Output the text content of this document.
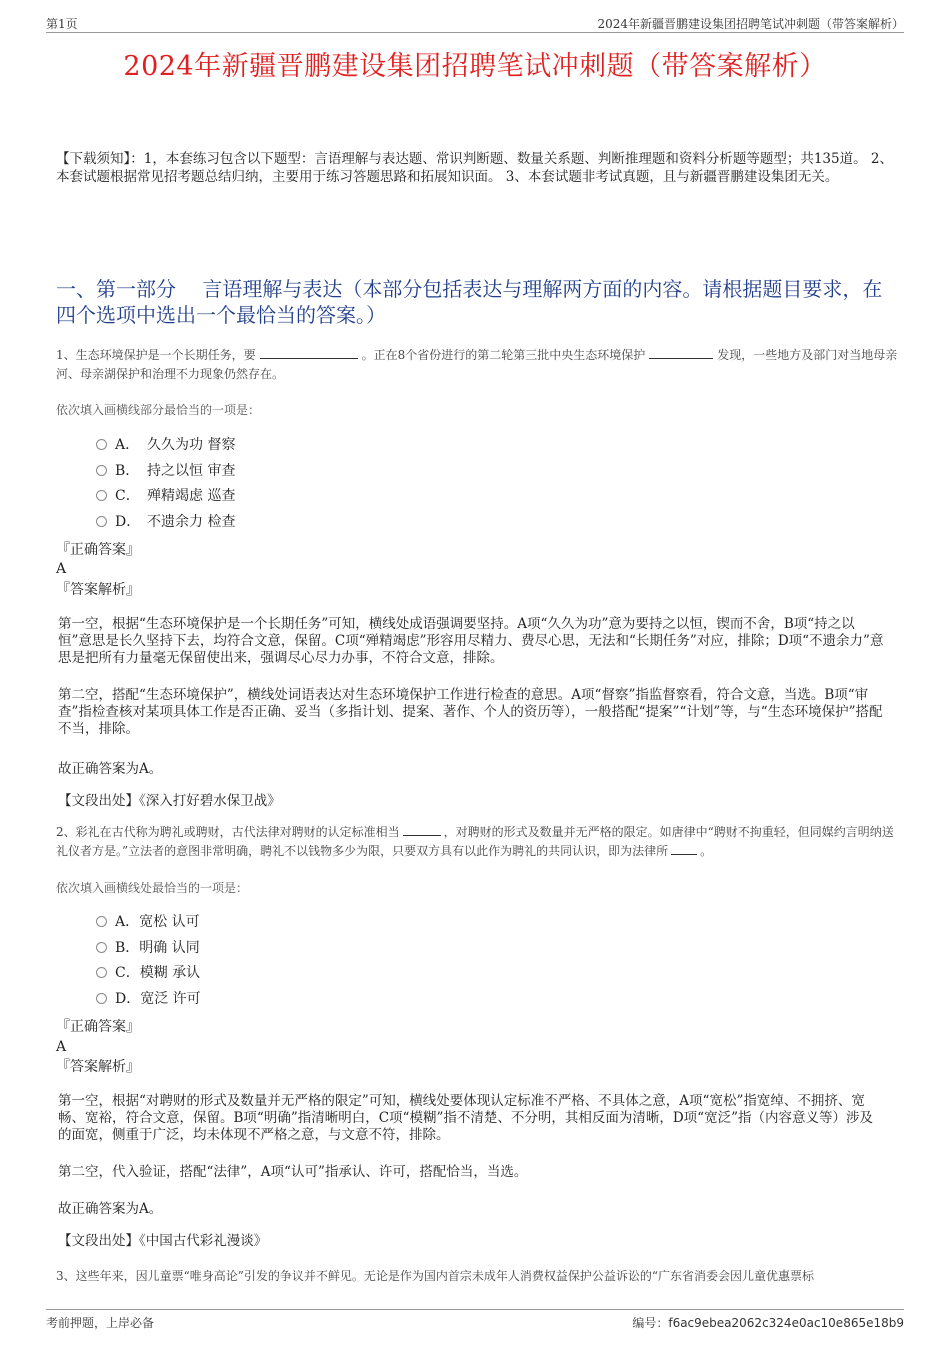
第1页	2024年新疆晋鹏建设集团招聘笔试冲刺题（带答案解析）
2024年新疆晋鹏建设集团招聘笔试冲刺题（带答案解析）
【下载须知】：1，本套练习包含以下题型：言语理解与表达题、常识判断题、数量关系题、判断推理题和资料分析题等题型；共135道。 2、本套试题根据常见招考题总结归纳，主要用于练习答题思路和拓展知识面。 3、本套试题非考试真题，且与新疆晋鹏建设集团无关。
一、第一部分　 言语理解与表达（本部分包括表达与理解两方面的内容。请根据题目要求，在四个选项中选出一个最恰当的答案。）
1、生态环境保护是一个长期任务，要	。正在8个省份进行的第二轮第三批中央生态环境保护	发现，一些地方及部门对当地母亲河、母亲湖保护和治理不力现象仍然存在。
依次填入画横线部分最恰当的一项是：
A． 久久为功 督察
B． 持之以恒 审查
C． 殚精竭虑 巡查
D． 不遗余力 检查
『正确答案』
A
『答案解析』
第一空，根据“生态环境保护是一个长期任务”可知，横线处成语强调要坚持。A项“久久为功”意为要持之以恒，锲而不舍，B项“持之以恒”意思是长久坚持下去，均符合文意，保留。C项“殚精竭虑”形容用尽精力、费尽心思，无法和“长期任务”对应，排除；D项“不遗余力”意思是把所有力量毫无保留使出来，强调尽心尽力办事，不符合文意，排除。
第二空，搭配“生态环境保护”，横线处词语表达对生态环境保护工作进行检查的意思。A项“督察”指监督察看，符合文意，当选。B项“审查”指检查核对某项具体工作是否正确、妥当（多指计划、提案、著作、个人的资历等），一般搭配“提案”“计划”等，与“生态环境保护”搭配不当，排除。
故正确答案为A。
【文段出处】《深入打好碧水保卫战》
2、彩礼在古代称为聘礼或聘财，古代法律对聘财的认定标准相当	，对聘财的形式及数量并无严格的限定。如唐律中“聘财不拘重轻，但同媒约言明纳送礼仪者方是。”立法者的意图非常明确，聘礼不以钱物多少为限，只要双方具有以此作为聘礼的共同认识，即为法律所	。
依次填入画横线处最恰当的一项是：
A．宽松 认可
B．明确 认同
C．模糊 承认
D．宽泛 许可
『正确答案』
A
『答案解析』
第一空，根据“对聘财的形式及数量并无严格的限定”可知，横线处要体现认定标准不严格、不具体之意，A项“宽松”指宽绰、不拥挤、宽畅、宽裕，符合文意，保留。B项“明确”指清晰明白，C项“模糊”指不清楚、不分明，其相反面为清晰，D项“宽泛”指（内容意义等）涉及的面宽，侧重于广泛，均未体现不严格之意，与文意不符，排除。
第二空，代入验证，搭配“法律”，A项“认可”指承认、许可，搭配恰当，当选。
故正确答案为A。
【文段出处】《中国古代彩礼漫谈》
3、这些年来，因儿童票“唯身高论”引发的争议并不鲜见。无论是作为国内首宗未成年人消费权益保护公益诉讼的“广东省消委会因儿童优惠票标
考前押题，上岸必备	编号：f6ac9ebea2062c324e0ac10e865e18b9
